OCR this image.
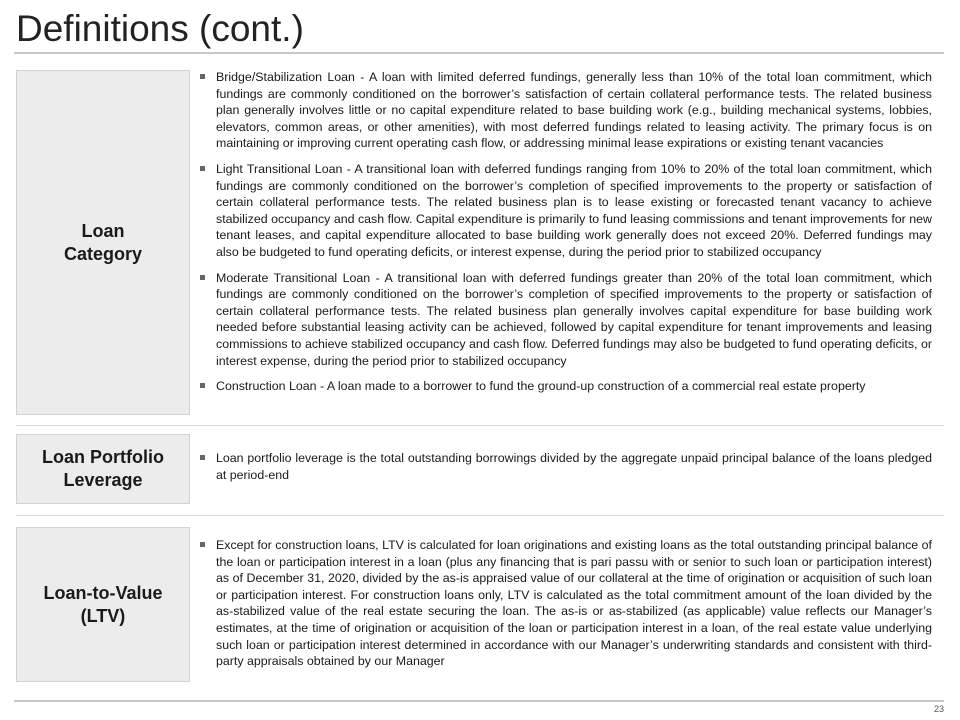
Definitions (cont.)
Loan
Category

Bridge/Stabilization Loan - A loan with limited deferred fundings, generally less than 10% of the total loan commitment, which fundings are commonly conditioned on the borrower’s satisfaction of certain collateral performance tests. The related business plan generally involves little or no capital expenditure related to base building work (e.g., building mechanical systems, lobbies, elevators, common areas, or other amenities), with most deferred fundings related to leasing activity. The primary focus is on maintaining or improving current operating cash flow, or addressing minimal lease expirations or existing tenant vacancies

Light Transitional Loan - A transitional loan with deferred fundings ranging from 10% to 20% of the total loan commitment, which fundings are commonly conditioned on the borrower’s completion of specified improvements to the property or satisfaction of certain collateral performance tests. The related business plan is to lease existing or forecasted tenant vacancy to achieve stabilized occupancy and cash flow. Capital expenditure is primarily to fund leasing commissions and tenant improvements for new tenant leases, and capital expenditure allocated to base building work generally does not exceed 20%. Deferred fundings may also be budgeted to fund operating deficits, or interest expense, during the period prior to stabilized occupancy

Moderate Transitional Loan - A transitional loan with deferred fundings greater than 20% of the total loan commitment, which fundings are commonly conditioned on the borrower’s completion of specified improvements to the property or satisfaction of certain collateral performance tests. The related business plan generally involves capital expenditure for base building work needed before substantial leasing activity can be achieved, followed by capital expenditure for tenant improvements and leasing commissions to achieve stabilized occupancy and cash flow. Deferred fundings may also be budgeted to fund operating deficits, or interest expense, during the period prior to stabilized occupancy

Construction Loan - A loan made to a borrower to fund the ground-up construction of a commercial real estate property

Loan Portfolio
Leverage

Loan portfolio leverage is the total outstanding borrowings divided by the aggregate unpaid principal balance of the loans pledged at period-end

Loan-to-Value
(LTV)

Except for construction loans, LTV is calculated for loan originations and existing loans as the total outstanding principal balance of the loan or participation interest in a loan (plus any financing that is pari passu with or senior to such loan or participation interest) as of December 31, 2020, divided by the as-is appraised value of our collateral at the time of origination or acquisition of such loan or participation interest. For construction loans only, LTV is calculated as the total commitment amount of the loan divided by the as-stabilized value of the real estate securing the loan. The as-is or as-stabilized (as applicable) value reflects our Manager’s estimates, at the time of origination or acquisition of the loan or participation interest in a loan, of the real estate value underlying such loan or participation interest determined in accordance with our Manager’s underwriting standards and consistent with third-party appraisals obtained by our Manager

23
